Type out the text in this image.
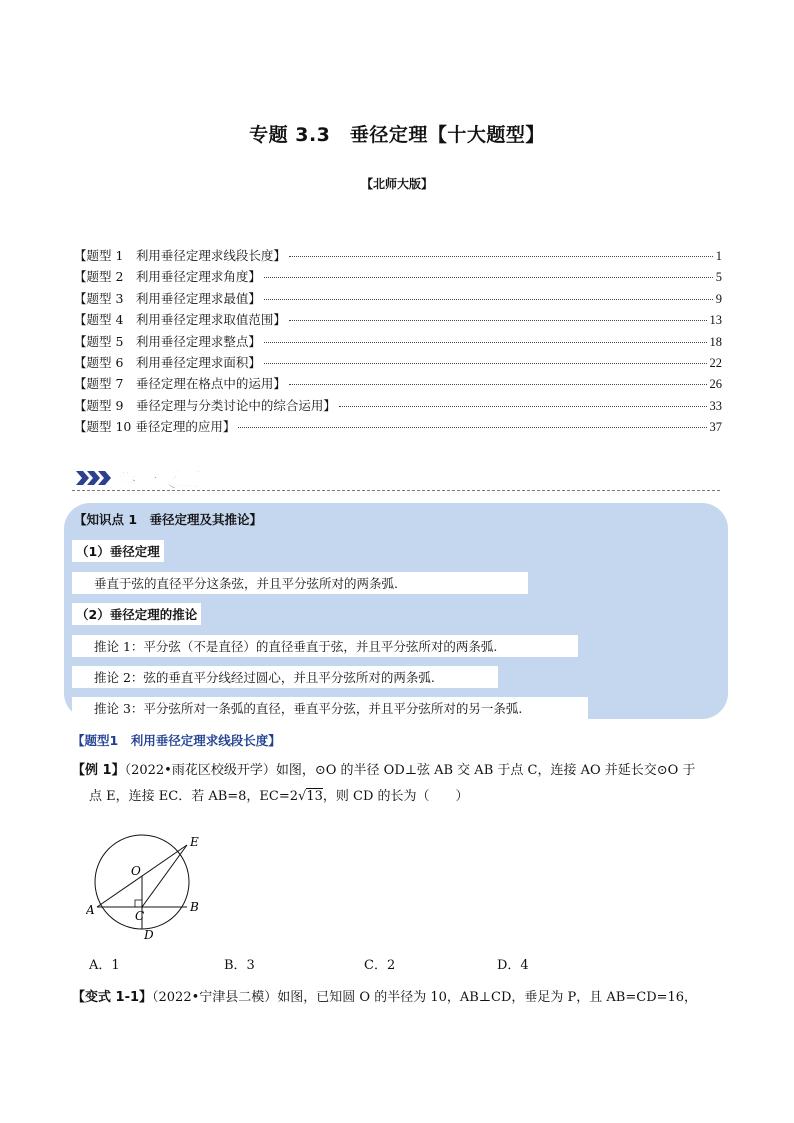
专题 3.3　垂径定理【十大题型】
【北师大版】
【题型 1　利用垂径定理求线段长度】	1
【题型 2　利用垂径定理求角度】	5
【题型 3　利用垂径定理求最值】	9
【题型 4　利用垂径定理求取值范围】	13
【题型 5　利用垂径定理求整点】	18
【题型 6　利用垂径定理求面积】	22
【题型 7　垂径定理在格点中的运用】	26
【题型 9　垂径定理与分类讨论中的综合运用】	33
【题型 10 垂径定理的应用】	37
举一反三
【知识点 1　垂径定理及其推论】
（1）垂径定理
垂直于弦的直径平分这条弦，并且平分弦所对的两条弧.
（2）垂径定理的推论
推论 1：平分弦（不是直径）的直径垂直于弦，并且平分弦所对的两条弧.
推论 2：弦的垂直平分线经过圆心，并且平分弦所对的两条弧.
推论 3：平分弦所对一条弧的直径，垂直平分弦，并且平分弦所对的另一条弧.
【题型1　利用垂径定理求线段长度】
【例 1】（2022•雨花区校级开学）如图，⊙O 的半径 OD⊥弦 AB 交 AB 于点 C，连接 AO 并延长交⊙O 于
点 E，连接 EC．若 AB=8，EC=2√13，则 CD 的长为（　　）
E
O
A	C
B
D
A．1	B．3	C．2	D．4
【变式 1-1】（2022•宁津县二模）如图，已知圆 O 的半径为 10，AB⊥CD，垂足为 P，且 AB=CD=16，
